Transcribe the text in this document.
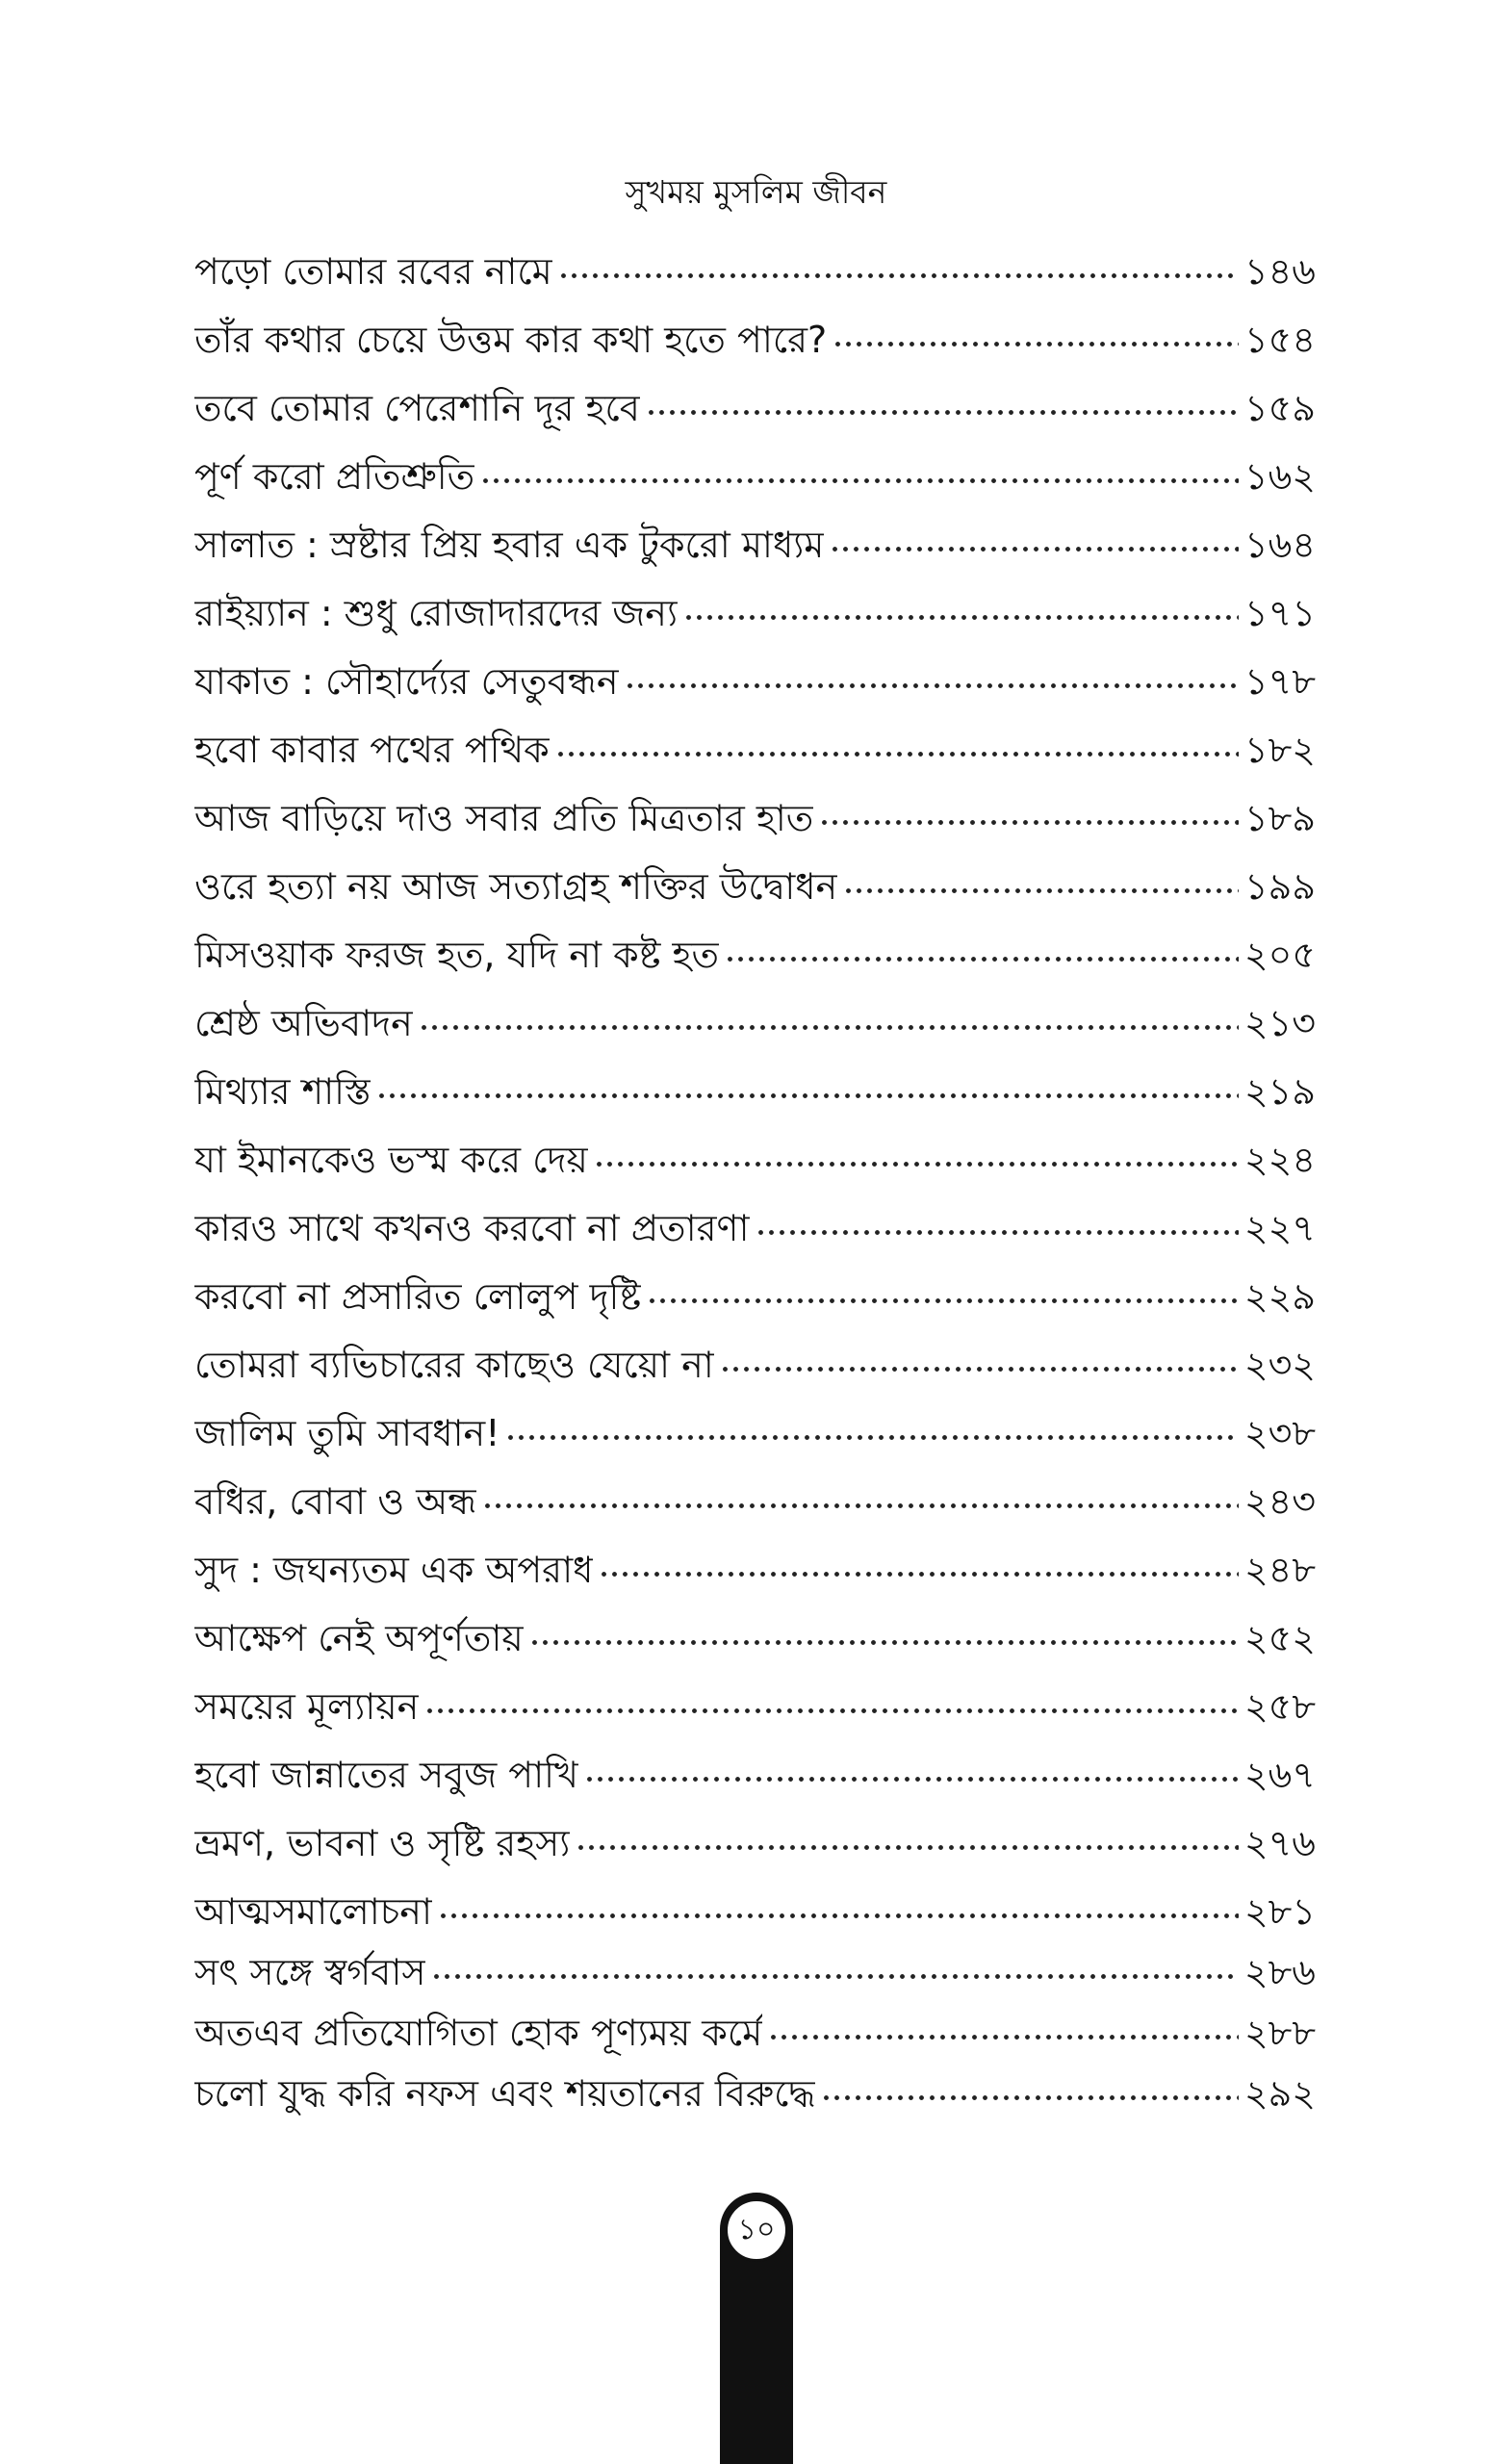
সুখময় মুসলিম জীবন
পড়ো তোমার রবের নামে	১৪৬
তাঁর কথার চেয়ে উত্তম কার কথা হতে পারে?	১৫৪
তবে তোমার পেরেশানি দূর হবে	১৫৯
পূর্ণ করো প্রতিশ্রুতি	১৬২
সালাত : স্রষ্টার প্রিয় হবার এক টুকরো মাধ্যম	১৬৪
রাইয়্যান : শুধু রোজাদারদের জন্য	১৭১
যাকাত : সৌহার্দ্যের সেতুবন্ধন	১৭৮
হবো কাবার পথের পথিক	১৮২
আজ বাড়িয়ে দাও সবার প্রতি মিত্রতার হাত	১৮৯
ওরে হত্যা নয় আজ সত্যাগ্রহ শক্তির উদ্বোধন	১৯৯
মিসওয়াক ফরজ হত, যদি না কষ্ট হত	২০৫
শ্রেষ্ঠ অভিবাদন	২১৩
মিথ্যার শাস্তি	২১৯
যা ইমানকেও ভস্ম করে দেয়	২২৪
কারও সাথে কখনও করবো না প্রতারণা	২২৭
করবো না প্রসারিত লোলুপ দৃষ্টি	২২৯
তোমরা ব্যভিচারের কাছেও যেয়ো না	২৩২
জালিম তুমি সাবধান!	২৩৮
বধির, বোবা ও অন্ধ	২৪৩
সুদ : জঘন্যতম এক অপরাধ	২৪৮
আক্ষেপ নেই অপূর্ণতায়	২৫২
সময়ের মূল্যায়ন	২৫৮
হবো জান্নাতের সবুজ পাখি	২৬৭
ভ্রমণ, ভাবনা ও সৃষ্টি রহস্য	২৭৬
আত্মসমালোচনা	২৮১
সৎ সঙ্গে স্বর্গবাস	২৮৬
অতএব প্রতিযোগিতা হোক পূণ্যময় কর্মে	২৮৮
চলো যুদ্ধ করি নফস এবং শয়তানের বিরুদ্ধে	২৯২
১০
